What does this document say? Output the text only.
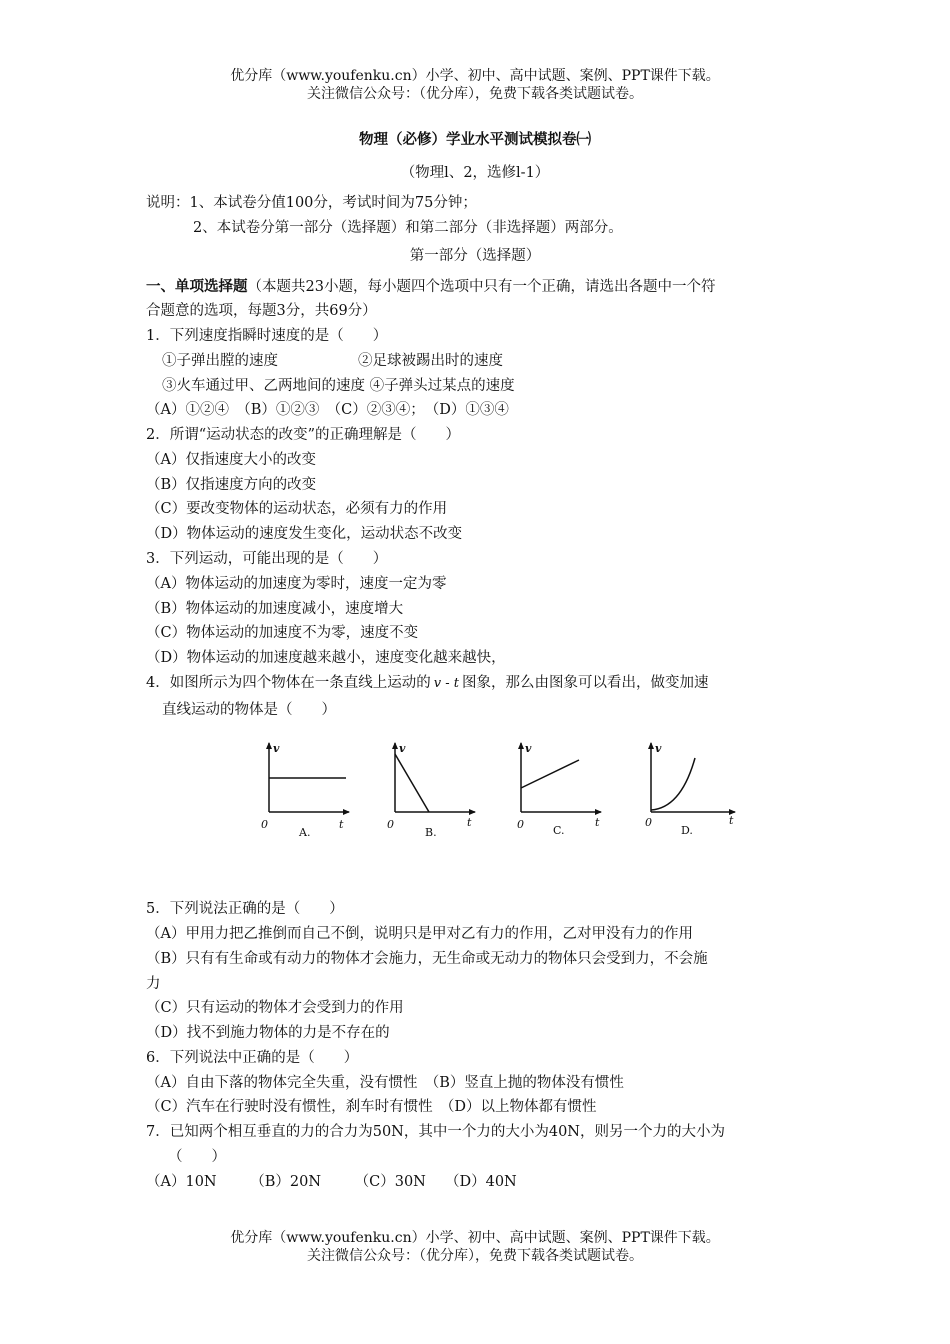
优分库（www.youfenku.cn）小学、初中、高中试题、案例、PPT课件下载。
关注微信公众号：（优分库），免费下载各类试题试卷。
物理（必修）学业水平测试模拟卷㈠
（物理l、2，选修l-1）
说明：1、本试卷分值100分，考试时间为75分钟；
2、本试卷分第一部分（选择题）和第二部分（非选择题）两部分。
第一部分（选择题）
一、单项选择题（本题共23小题，每小题四个选项中只有一个正确，请选出各题中一个符
合题意的选项，每题3分，共69分）
1．下列速度指瞬时速度的是（　　）
①子弹出膛的速度	②足球被踢出时的速度
③火车通过甲、乙两地间的速度 ④子弹头过某点的速度
（A）①②④　（B）①②③　（C）②③④；　（D）①③④
2．所谓“运动状态的改变”的正确理解是（　　）
（A）仅指速度大小的改变
（B）仅指速度方向的改变
（C）要改变物体的运动状态，必须有力的作用
（D）物体运动的速度发生变化，运动状态不改变
3．下列运动，可能出现的是（　　）
（A）物体运动的加速度为零时，速度一定为零
（B）物体运动的加速度减小，速度增大
（C）物体运动的加速度不为零，速度不变
（D）物体运动的加速度越来越小，速度变化越来越快，
4．如图所示为四个物体在一条直线上运动的 v - t 图象，那么由图象可以看出，做变加速
直线运动的物体是（　　）
v
0	t
A.
v
0	t
B.
v
0	t
C.
v
0	t
D.
5．下列说法正确的是（　　）
（A）甲用力把乙推倒而自己不倒，说明只是甲对乙有力的作用，乙对甲没有力的作用
（B）只有有生命或有动力的物体才会施力，无生命或无动力的物体只会受到力，不会施
力
（C）只有运动的物体才会受到力的作用
（D）找不到施力物体的力是不存在的
6．下列说法中正确的是（　　）
（A）自由下落的物体完全失重，没有惯性　（B）竖直上抛的物体没有惯性
（C）汽车在行驶时没有惯性，刹车时有惯性　（D）以上物体都有惯性
7．已知两个相互垂直的力的合力为50N，其中一个力的大小为40N，则另一个力的大小为
（　　）
（A）10N　　 （B）20N　　 （C）30N　 （D）40N
优分库（www.youfenku.cn）小学、初中、高中试题、案例、PPT课件下载。
关注微信公众号：（优分库），免费下载各类试题试卷。
